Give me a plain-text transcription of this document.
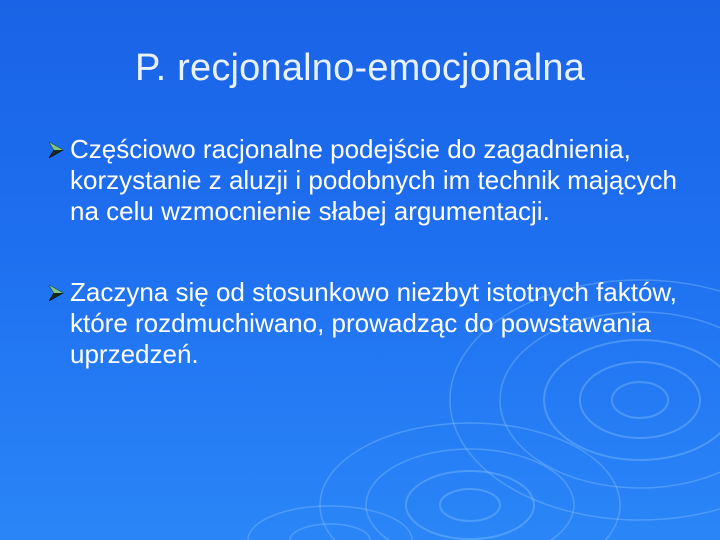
P. recjonalno-emocjonalna
Częściowo racjonalne podejście do zagadnienia, korzystanie z aluzji i podobnych im technik mających na celu wzmocnienie słabej argumentacji.
Zaczyna się od stosunkowo niezbyt istotnych faktów, które rozdmuchiwano, prowadząc do powstawania uprzedzeń.
